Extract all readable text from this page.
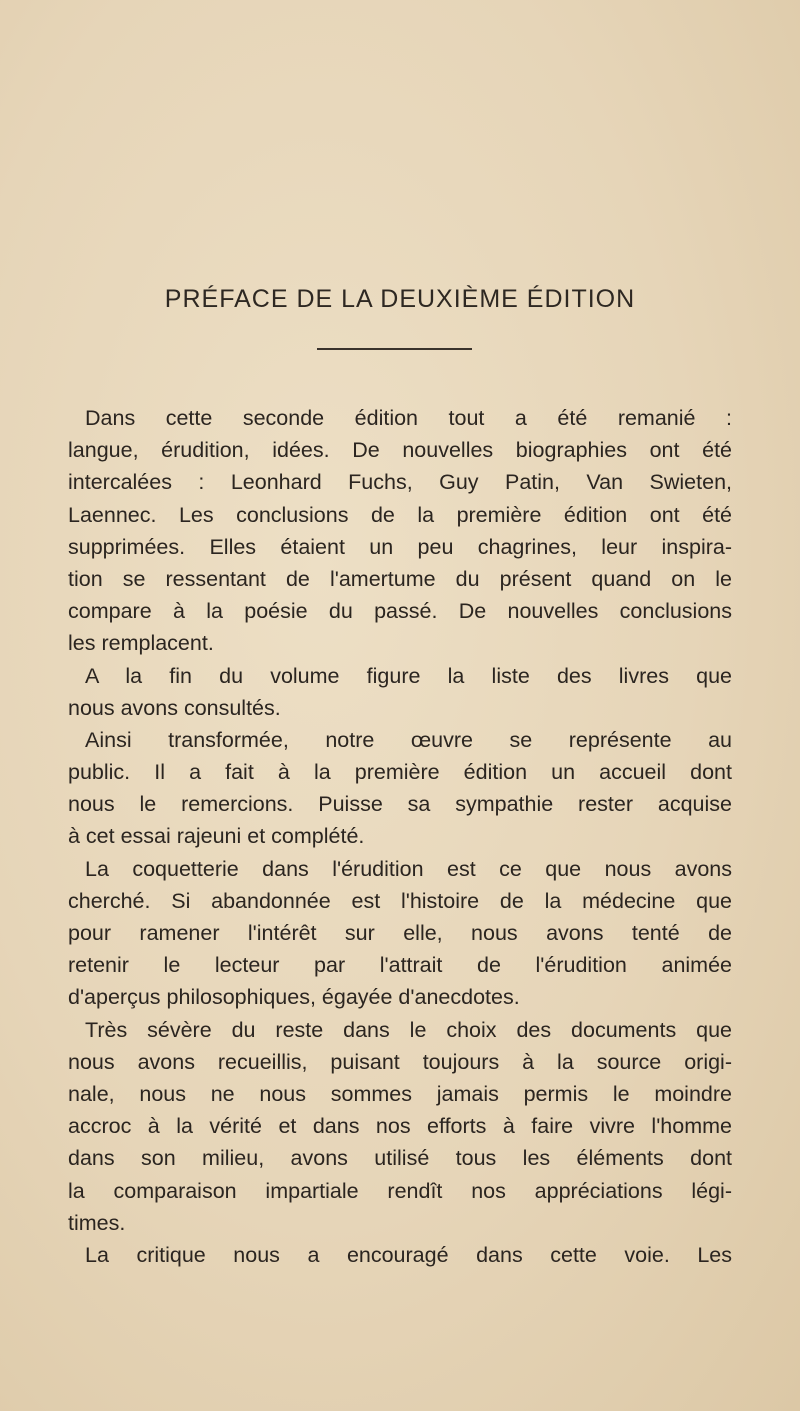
PRÉFACE DE LA DEUXIÈME ÉDITION
Dans cette seconde édition tout a été remanié :
langue, érudition, idées. De nouvelles biographies ont été
intercalées : Leonhard Fuchs, Guy Patin, Van Swieten,
Laennec. Les conclusions de la première édition ont été
supprimées. Elles étaient un peu chagrines, leur inspira-
tion se ressentant de l'amertume du présent quand on le
compare à la poésie du passé. De nouvelles conclusions
les remplacent.
A la fin du volume figure la liste des livres que
nous avons consultés.
Ainsi transformée, notre œuvre se représente au
public. Il a fait à la première édition un accueil dont
nous le remercions. Puisse sa sympathie rester acquise
à cet essai rajeuni et complété.
La coquetterie dans l'érudition est ce que nous avons
cherché. Si abandonnée est l'histoire de la médecine que
pour ramener l'intérêt sur elle, nous avons tenté de
retenir le lecteur par l'attrait de l'érudition animée
d'aperçus philosophiques, égayée d'anecdotes.
Très sévère du reste dans le choix des documents que
nous avons recueillis, puisant toujours à la source origi-
nale, nous ne nous sommes jamais permis le moindre
accroc à la vérité et dans nos efforts à faire vivre l'homme
dans son milieu, avons utilisé tous les éléments dont
la comparaison impartiale rendît nos appréciations légi-
times.
La critique nous a encouragé dans cette voie. Les
